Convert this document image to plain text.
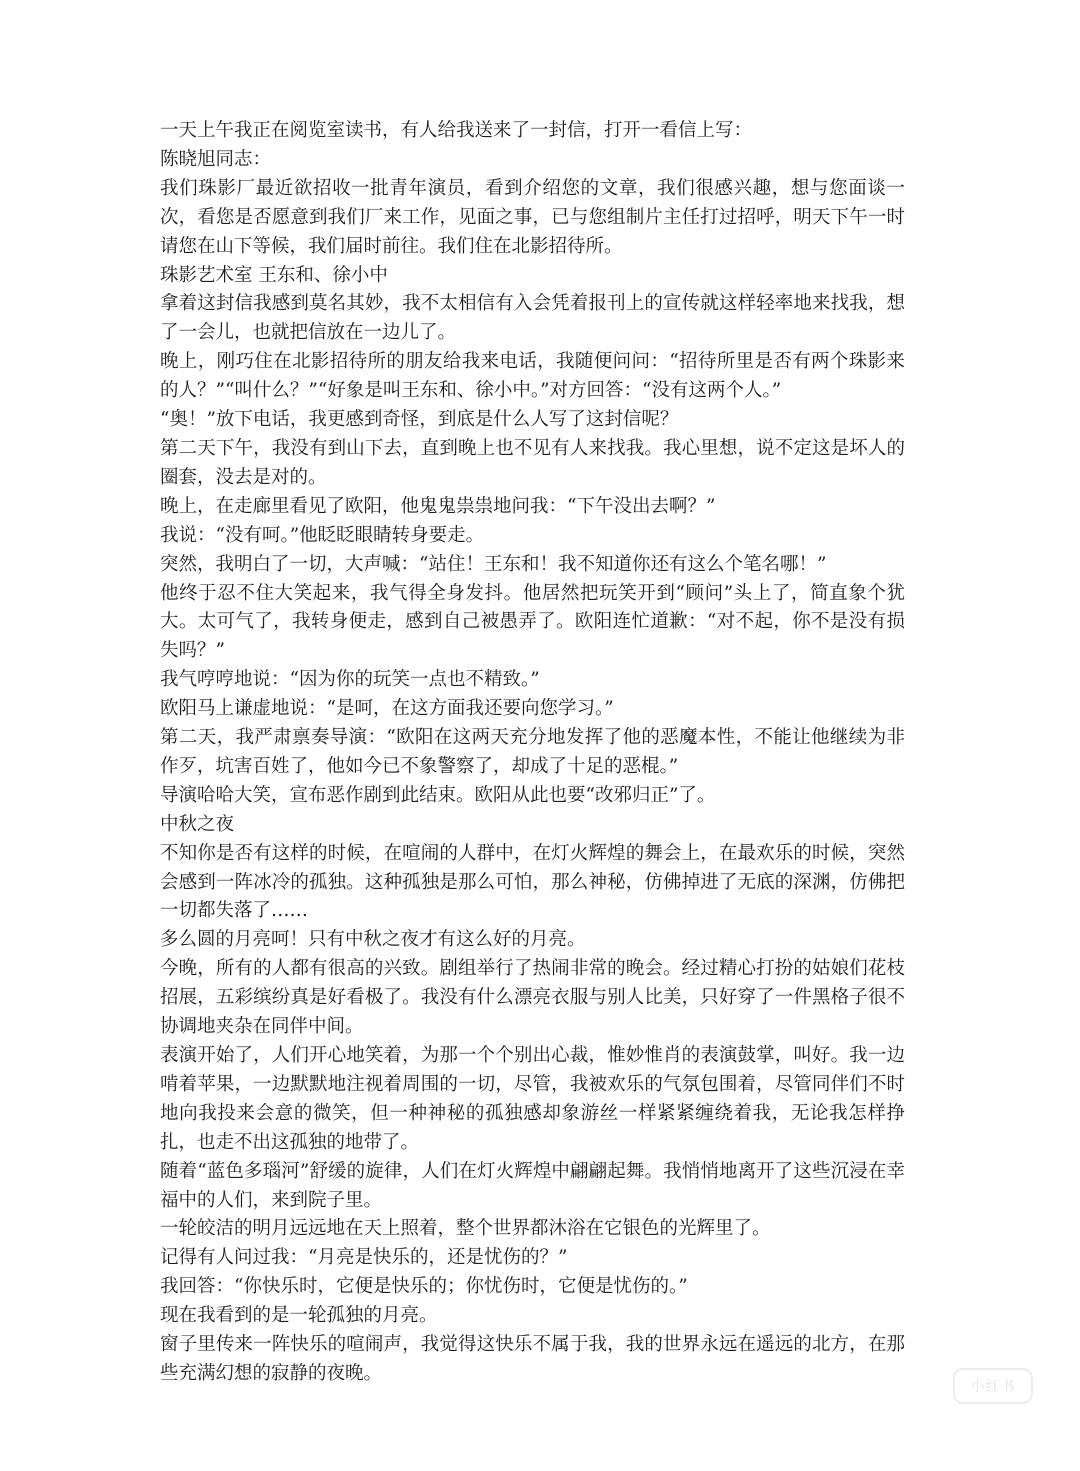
一天上午我正在阅览室读书，有人给我送来了一封信，打开一看信上写：

陈晓旭同志：

我们珠影厂最近欲招收一批青年演员，看到介绍您的文章，我们很感兴趣，想与您面谈一次，看您是否愿意到我们厂来工作，见面之事，已与您组制片主任打过招呼，明天下午一时请您在山下等候，我们届时前往。我们住在北影招待所。

珠影艺术室 王东和、徐小中

拿着这封信我感到莫名其妙，我不太相信有入会凭着报刊上的宣传就这样轻率地来找我，想了一会儿，也就把信放在一边儿了。

晚上，刚巧住在北影招待所的朋友给我来电话，我随便问问：“招待所里是否有两个珠影来的人？”“叫什么？”“好象是叫王东和、徐小中。”对方回答：“没有这两个人。”

“奥！”放下电话，我更感到奇怪，到底是什么人写了这封信呢？

第二天下午，我没有到山下去，直到晚上也不见有人来找我。我心里想，说不定这是坏人的圈套，没去是对的。

晚上，在走廊里看见了欧阳，他鬼鬼祟祟地问我：“下午没出去啊？”

我说：“没有呵。”他眨眨眼睛转身要走。

突然，我明白了一切，大声喊：“站住！王东和！我不知道你还有这么个笔名哪！”

他终于忍不住大笑起来，我气得全身发抖。他居然把玩笑开到“顾问”头上了，简直象个犹大。太可气了，我转身便走，感到自己被愚弄了。欧阳连忙道歉：“对不起，你不是没有损失吗？”

我气哼哼地说：“因为你的玩笑一点也不精致。”

欧阳马上谦虚地说：“是呵，在这方面我还要向您学习。”

第二天，我严肃禀奏导演：“欧阳在这两天充分地发挥了他的恶魔本性，不能让他继续为非作歹，坑害百姓了，他如今已不象警察了，却成了十足的恶棍。”

导演哈哈大笑，宣布恶作剧到此结束。欧阳从此也要“改邪归正”了。

中秋之夜

不知你是否有这样的时候，在喧闹的人群中，在灯火辉煌的舞会上，在最欢乐的时候，突然会感到一阵冰冷的孤独。这种孤独是那么可怕，那么神秘，仿佛掉进了无底的深渊，仿佛把一切都失落了……

多么圆的月亮呵！只有中秋之夜才有这么好的月亮。

今晚，所有的人都有很高的兴致。剧组举行了热闹非常的晚会。经过精心打扮的姑娘们花枝招展，五彩缤纷真是好看极了。我没有什么漂亮衣服与别人比美，只好穿了一件黑格子很不协调地夹杂在同伴中间。

表演开始了，人们开心地笑着，为那一个个别出心裁，惟妙惟肖的表演鼓掌，叫好。我一边啃着苹果，一边默默地注视着周围的一切，尽管，我被欢乐的气氛包围着，尽管同伴们不时地向我投来会意的微笑，但一种神秘的孤独感却象游丝一样紧紧缠绕着我，无论我怎样挣扎，也走不出这孤独的地带了。

随着“蓝色多瑙河”舒缓的旋律，人们在灯火辉煌中翩翩起舞。我悄悄地离开了这些沉浸在幸福中的人们，来到院子里。

一轮皎洁的明月远远地在天上照着，整个世界都沐浴在它银色的光辉里了。

记得有人问过我：“月亮是快乐的，还是忧伤的？”

我回答：“你快乐时，它便是快乐的；你忧伤时，它便是忧伤的。”

现在我看到的是一轮孤独的月亮。

窗子里传来一阵快乐的喧闹声，我觉得这快乐不属于我，我的世界永远在遥远的北方，在那些充满幻想的寂静的夜晚。

小红书
